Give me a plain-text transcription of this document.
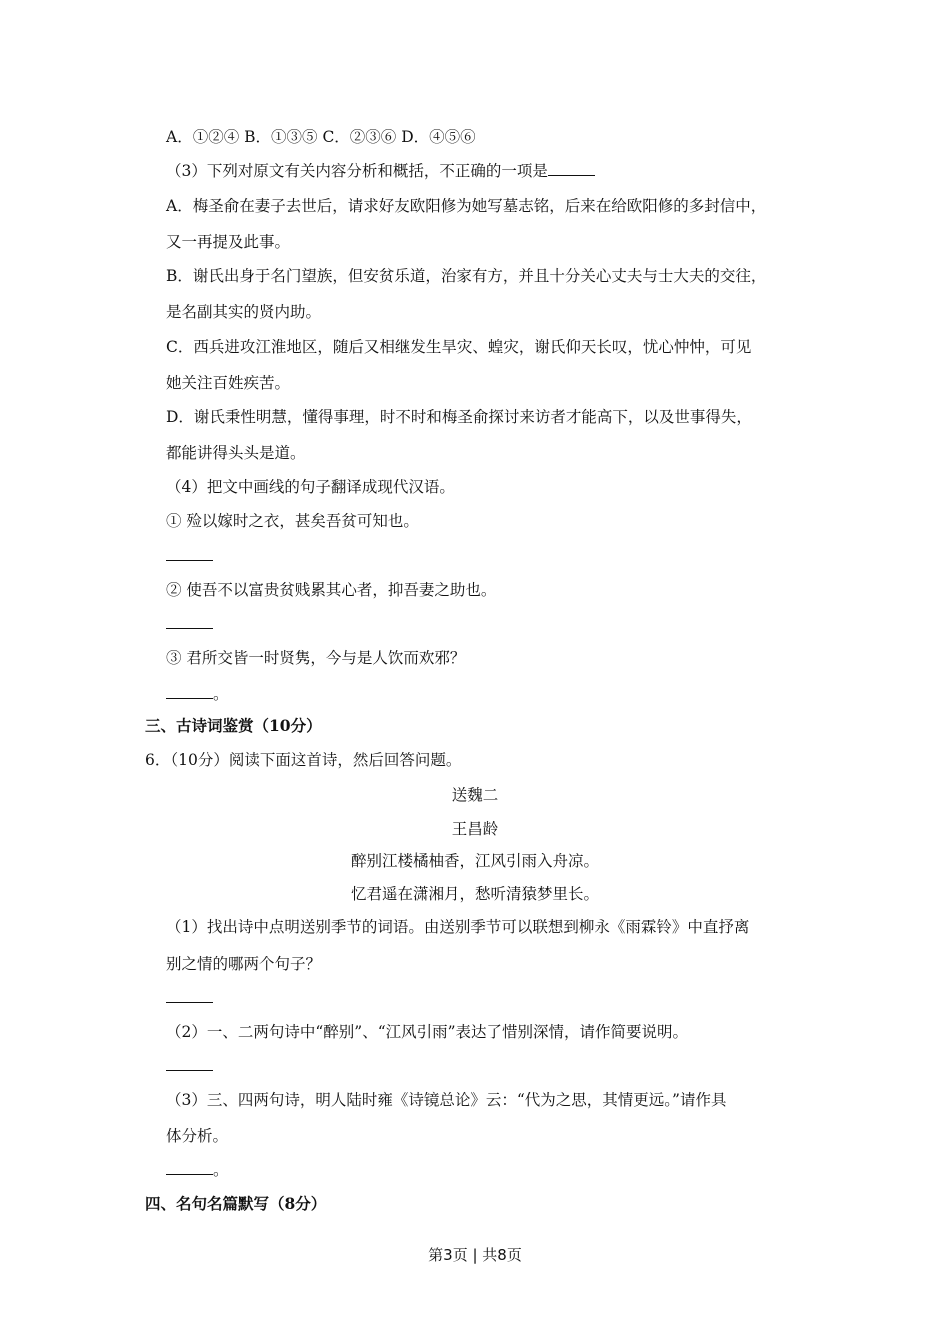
A．①②④ B．①③⑤ C．②③⑥ D．④⑤⑥
（3）下列对原文有关内容分析和概括，不正确的一项是
A．梅圣俞在妻子去世后，请求好友欧阳修为她写墓志铭，后来在给欧阳修的多封信中，
又一再提及此事。
B．谢氏出身于名门望族，但安贫乐道，治家有方，并且十分关心丈夫与士大夫的交往，
是名副其实的贤内助。
C．西兵进攻江淮地区，随后又相继发生旱灾、蝗灾，谢氏仰天长叹，忧心忡忡，可见
她关注百姓疾苦。
D．谢氏秉性明慧，懂得事理，时不时和梅圣俞探讨来访者才能高下，以及世事得失，
都能讲得头头是道。
（4）把文中画线的句子翻译成现代汉语。
① 殓以嫁时之衣，甚矣吾贫可知也。
② 使吾不以富贵贫贱累其心者，抑吾妻之助也。
③ 君所交皆一时贤隽，今与是人饮而欢邪？
。
三、古诗词鉴赏（10分）
6．（10分）阅读下面这首诗，然后回答问题。
送魏二
王昌龄
醉别江楼橘柚香，江风引雨入舟凉。
忆君遥在潇湘月，愁听清猿梦里长。
（1）找出诗中点明送别季节的词语。由送别季节可以联想到柳永《雨霖铃》中直抒离
别之情的哪两个句子？
（2）一、二两句诗中“醉别”、“江风引雨”表达了惜别深情，请作简要说明。
（3）三、四两句诗，明人陆时雍《诗镜总论》云：“代为之思，其情更远。”请作具
体分析。
。
四、名句名篇默写（8分）
第3页 | 共8页
